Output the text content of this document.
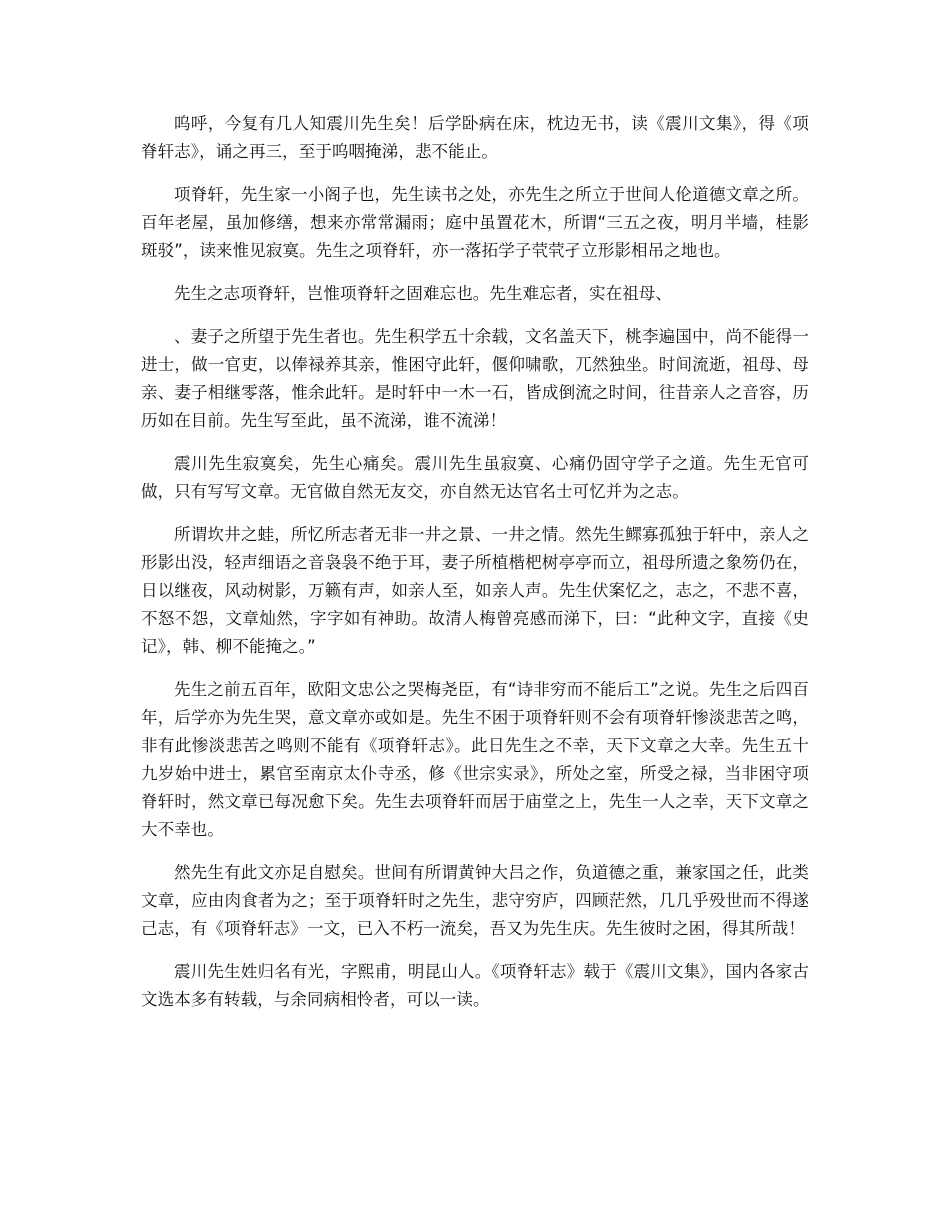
呜呼，今复有几人知震川先生矣！后学卧病在床，枕边无书，读《震川文集》，得《项脊轩志》，诵之再三，至于呜咽掩涕，悲不能止。

项脊轩，先生家一小阁子也，先生读书之处，亦先生之所立于世间人伦道德文章之所。百年老屋，虽加修缮，想来亦常常漏雨；庭中虽置花木，所谓“三五之夜，明月半墙，桂影斑驳”，读来惟见寂寞。先生之项脊轩，亦一落拓学子茕茕孑立形影相吊之地也。

先生之志项脊轩，岂惟项脊轩之固难忘也。先生难忘者，实在祖母、

、妻子之所望于先生者也。先生积学五十余载，文名盖天下，桃李遍国中，尚不能得一进士，做一官吏，以俸禄养其亲，惟困守此轩，偃仰啸歌，兀然独坐。时间流逝，祖母、母亲、妻子相继零落，惟余此轩。是时轩中一木一石，皆成倒流之时间，往昔亲人之音容，历历如在目前。先生写至此，虽不流涕，谁不流涕！

震川先生寂寞矣，先生心痛矣。震川先生虽寂寞、心痛仍固守学子之道。先生无官可做，只有写写文章。无官做自然无友交，亦自然无达官名士可忆并为之志。

所谓坎井之蛙，所忆所志者无非一井之景、一井之情。然先生鳏寡孤独于轩中，亲人之形影出没，轻声细语之音袅袅不绝于耳，妻子所植楷杷树亭亭而立，祖母所遗之象笏仍在，日以继夜，风动树影，万籁有声，如亲人至，如亲人声。先生伏案忆之，志之，不悲不喜，不怒不怨，文章灿然，字字如有神助。故清人梅曾亮感而涕下，曰：“此种文字，直接《史记》，韩、柳不能掩之。”

先生之前五百年，欧阳文忠公之哭梅尧臣，有“诗非穷而不能后工”之说。先生之后四百年，后学亦为先生哭，意文章亦或如是。先生不困于项脊轩则不会有项脊轩惨淡悲苦之鸣，非有此惨淡悲苦之鸣则不能有《项脊轩志》。此日先生之不幸，天下文章之大幸。先生五十九岁始中进士，累官至南京太仆寺丞，修《世宗实录》，所处之室，所受之禄，当非困守项脊轩时，然文章已每况愈下矣。先生去项脊轩而居于庙堂之上，先生一人之幸，天下文章之大不幸也。

然先生有此文亦足自慰矣。世间有所谓黄钟大吕之作，负道德之重，兼家国之任，此类文章，应由肉食者为之；至于项脊轩时之先生，悲守穷庐，四顾茫然，几几乎殁世而不得遂己志，有《项脊轩志》一文，已入不朽一流矣，吾又为先生庆。先生彼时之困，得其所哉！

震川先生姓归名有光，字熙甫，明昆山人。《项脊轩志》载于《震川文集》，国内各家古文选本多有转载，与余同病相怜者，可以一读。
